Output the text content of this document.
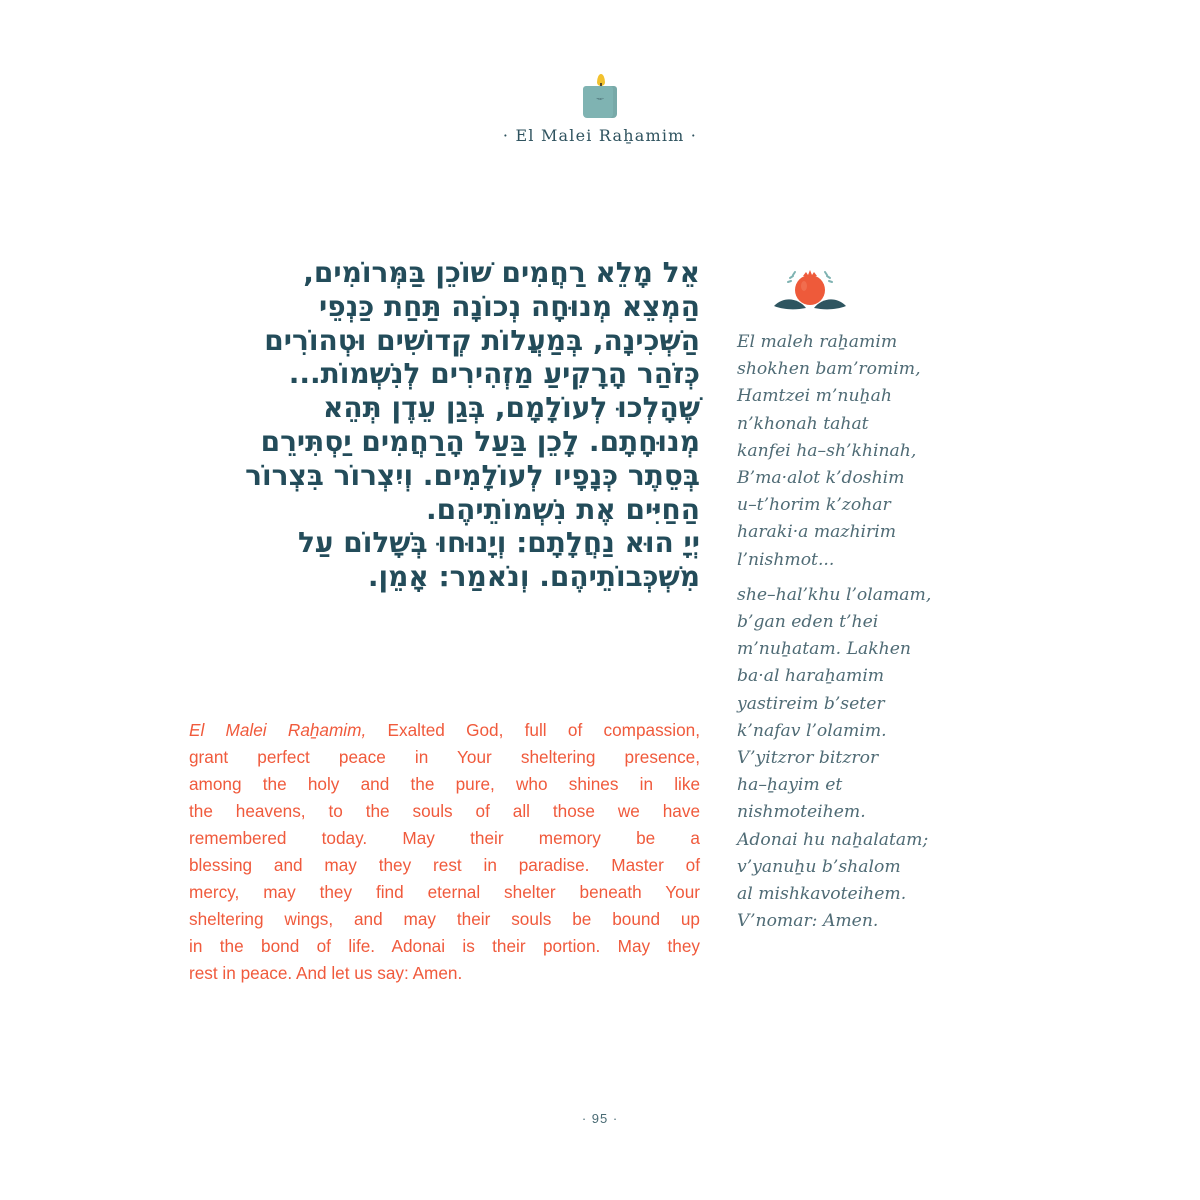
יזכור
· El Malei Raẖamim ·
אֵל מָלֵא רַחֲמִים שׁוֹכֵן בַּמְּרוֹמִים,
הַמְצֵא מְנוּחָה נְכוֹנָה תַּחַת כַּנְפֵי
הַשְּׁכִינָה, בְּמַעֲלוֹת קְדוֹשִׁים וּטְהוֹרִים
כְּזֹהַר הָרָקִיעַ מַזְהִירִים לְנִשְׁמוֹת...
שֶׁהָלְכוּ לְעוֹלָמָם, בְּגַן עֵדֶן תְּהֵא
מְנוּחָתָם. לָכֵן בַּעַל הָרַחֲמִים יַסְתִּירֵם
בְּסֵתֶר כְּנָפָיו לְעוֹלָמִים. וְיִצְרוֹר בִּצְרוֹר
הַחַיִּים אֶת נִשְׁמוֹתֵיהֶם.
יְיָ הוּא נַחֲלָתָם: וְיָנוּחוּ בְּשָׁלוֹם עַל
מִשְׁכְּבוֹתֵיהֶם. וְנֹאמַר: אָמֵן.
El Malei Raẖamim, Exalted God, full of compassion,
grant perfect peace in Your sheltering presence,
among the holy and the pure, who shines in like
the heavens, to the souls of all those we have
remembered today. May their memory be a
blessing and may they rest in paradise. Master of
mercy, may they find eternal shelter beneath Your
sheltering wings, and may their souls be bound up
in the bond of life. Adonai is their portion. May they
rest in peace. And let us say: Amen.
El maleh raẖamim
shokhen bam’romim,
Hamtzei m’nuẖah
n’khonah tahat
kanfei ha–sh’khinah,
B’ma·alot k’doshim
u–t’horim k’zohar
haraki·a mazhirim
l’nishmot...
she–hal’khu l’olamam,
b’gan eden t’hei
m’nuẖatam. Lakhen
ba·al haraẖamim
yastireim b’seter
k’nafav l’olamim.
V’yitzror bitzror
ha–ẖayim et
nishmoteihem.
Adonai hu naẖalatam;
v’yanuẖu b’shalom
al mishkavoteihem.
V’nomar: Amen.
· 95 ·
